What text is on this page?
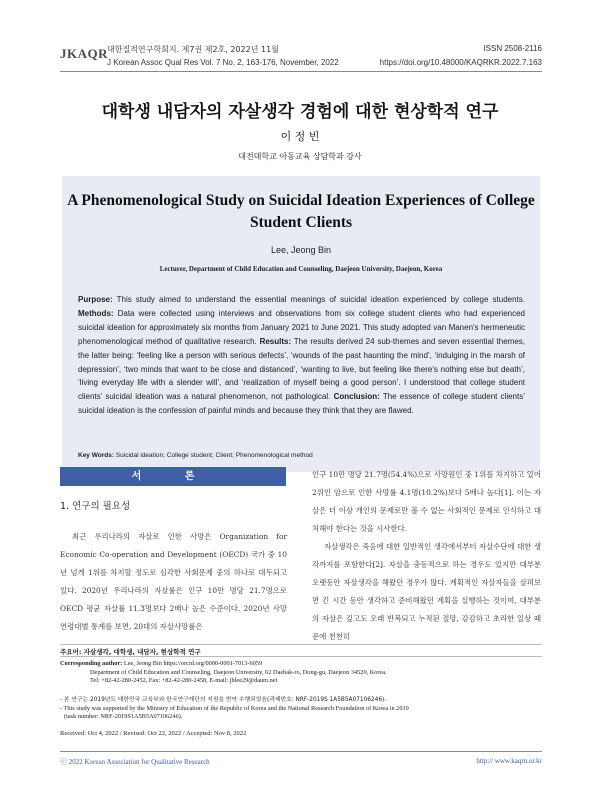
JKAQR 대한질적연구학회지. 제7권 제2호, 2022년 11월
J Korean Assoc Qual Res Vol. 7 No. 2, 163-176, November, 2022
ISSN 2508-2116
https://doi.org/10.48000/KAQRKR.2022.7.163
대학생 내담자의 자살생각 경험에 대한 현상학적 연구
이 정 빈
대전대학교 아동교육 상담학과 강사
A Phenomenological Study on Suicidal Ideation Experiences of College Student Clients
Lee, Jeong Bin
Lecturer, Department of Child Education and Counseling, Daejeon University, Daejeon, Korea
Purpose: This study aimed to understand the essential meanings of suicidal ideation experienced by college students. Methods: Data were collected using interviews and observations from six college student clients who had experienced suicidal ideation for approximately six months from January 2021 to June 2021. This study adopted van Manen's hermeneutic phenomenological method of qualitative research. Results: The results derived 24 sub-themes and seven essential themes, the latter being: ‘feeling like a person with serious defects’, ‘wounds of the past haunting the mind’, ‘indulging in the marsh of depression’, ‘two minds that want to be close and distanced’, ‘wanting to live, but feeling like there's nothing else but death’, ‘living everyday life with a slender will’, and ‘realization of myself being a good person’. I understood that college student clients’ suicidal ideation was a natural phenomenon, not pathological. Conclusion: The essence of college student clients’ suicidal ideation is the confession of painful minds and because they think that they are flawed.
Key Words: Suicidal ideation; College student; Client; Phenomenological method
서 론
1. 연구의 필요성

최근 우리나라의 자살로 인한 사망은 Organization for Economic Co-operation and Development (OECD) 국가 중 10년 넘게 1위를 차지할 정도로 심각한 사회문제 중의 하나로 대두되고 있다. 2020년 우리나라의 자살률은 인구 10만 명당 21.7명으로 OECD 평균 자살률 11.3명보다 2배나 높은 수준이다. 2020년 사망 연령대별 통계를 보면, 20대의 자살사망률은

인구 10만 명당 21.7명(54.4%)으로 사망원인 중 1위를 차지하고 있어 2위인 암으로 인한 사망률 4.1명(10.2%)보다 5배나 높다[1]. 이는 자살은 더 이상 개인의 문제로만 볼 수 없는 사회적인 문제로 인식하고 대처해야 한다는 것을 시사한다.

자살생각은 죽음에 대한 일반적인 생각에서부터 자살수단에 대한 생각까지를 포함한다[2]. 자살을 충동적으로 하는 경우도 있지만 대부분 오랫동안 자살생각을 해왔던 경우가 많다. 계획적인 자살자들을 살펴보면 긴 시간 동안 생각하고 준비해왔던 계획을 실행하는 것이며, 대부분의 자살은 깊고도 오래 반복되고 누적된 절망, 감감하고 초라한 일상 때문에 천천히

주요어: 자살생각, 대학생, 내담자, 현상학적 연구
Corresponding author: Lee, Jeong Bin https://orcid.org/0000-0001-7013-6059
Department of Child Education and Counseling, Daejeon University, 62 Daehak-ro, Dong-gu, Daejeon 34520, Korea.
Tel: +82-42-280-2452, Fax: +82-42-280-2458, E-mail: jblee29@daum.net
- 본 연구는 2019년도 대한민국 교육부와 한국연구재단의 지원을 받아 수행되었음(과제번호: NRF-2019S 1A5B5A07106246).
- This study was supported by the Ministry of Education of the Republic of Korea and the National Research Foundation of Korea in 2019
(task number: NRF-2019S1A5B5A07106246).
Received: Oct 4, 2022 / Revised: Oct 22, 2022 / Accepted: Nov 8, 2022
ⓒ 2022 Korean Association for Qualitative Research	http:// www.kaqrn.or.kr
